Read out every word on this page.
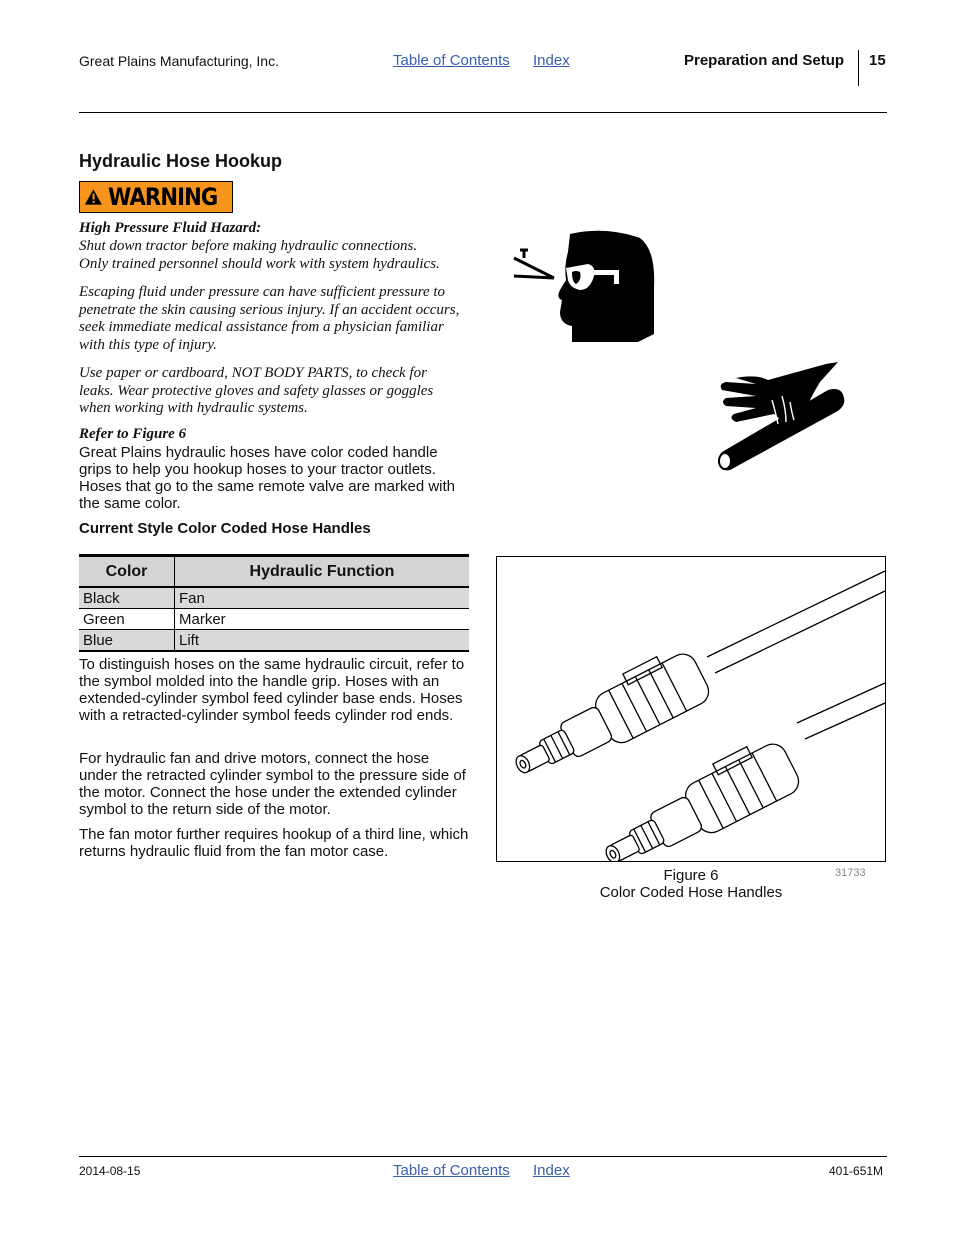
Great Plains Manufacturing, Inc.	Table of Contents Index	Preparation and Setup 15
Hydraulic Hose Hookup
WARNING
High Pressure Fluid Hazard:
Shut down tractor before making hydraulic connections.
Only trained personnel should work with system hydraulics.
Escaping fluid under pressure can have sufficient pressure to penetrate the skin causing serious injury. If an accident occurs, seek immediate medical assistance from a physician familiar with this type of injury.
Use paper or cardboard, NOT BODY PARTS, to check for leaks. Wear protective gloves and safety glasses or goggles when working with hydraulic systems.
Refer to Figure 6
Great Plains hydraulic hoses have color coded handle grips to help you hookup hoses to your tractor outlets. Hoses that go to the same remote valve are marked with the same color.
Current Style Color Coded Hose Handles
Color	Hydraulic Function
Black	Fan
Green	Marker
Blue	Lift
To distinguish hoses on the same hydraulic circuit, refer to the symbol molded into the handle grip. Hoses with an extended-cylinder symbol feed cylinder base ends. Hoses with a retracted-cylinder symbol feeds cylinder rod ends.
For hydraulic fan and drive motors, connect the hose under the retracted cylinder symbol to the pressure side of the motor. Connect the hose under the extended cylinder symbol to the return side of the motor.
The fan motor further requires hookup of a third line, which returns hydraulic fluid from the fan motor case.
Figure 6
Color Coded Hose Handles
31733
2014-08-15	Table of Contents Index	401-651M
